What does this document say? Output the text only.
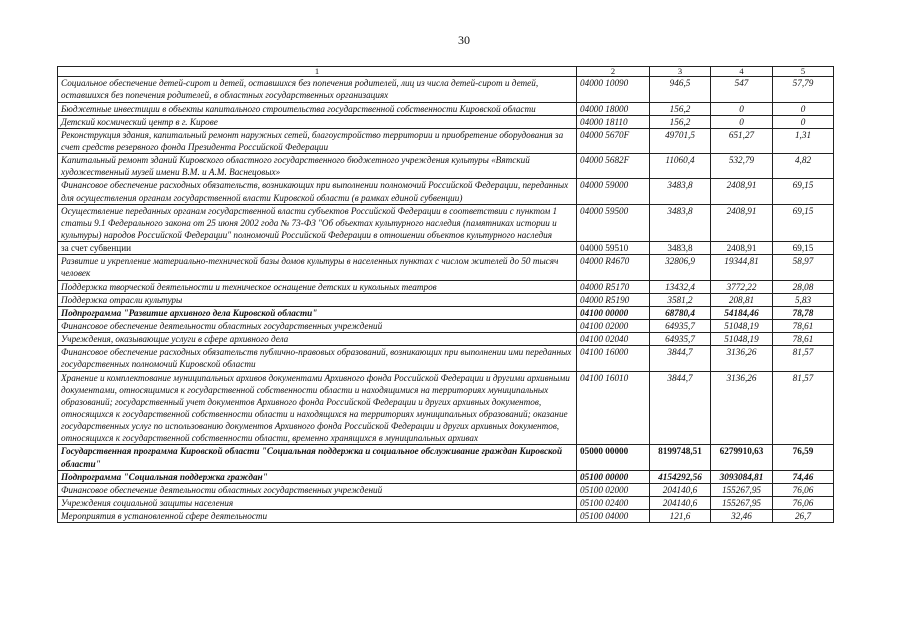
30
1	2	3	4	5
Социальное обеспечение детей-сирот и детей, оставшихся без попечения родителей, лиц из числа детей-сирот и детей, оставшихся без попечения родителей, в областных государственных организациях	04000 10090	946,5	547	57,79
Бюджетные инвестиции в объекты капитального строительства государственной собственности Кировской области	04000 18000	156,2	0	0
Детский космический центр в г. Кирове	04000 18110	156,2	0	0
Реконструкция здания, капитальный ремонт наружных сетей, благоустройство территории и приобретение оборудования за счет средств резервного фонда Президента Российской Федерации	04000 5670F	49701,5	651,27	1,31
Капитальный ремонт зданий Кировского областного государственного бюджетного учреждения культуры «Вятский художественный музей имени В.М. и А.М. Васнецовых»	04000 5682F	11060,4	532,79	4,82
Финансовое обеспечение расходных обязательств, возникающих при выполнении полномочий Российской Федерации, переданных для осуществления органам государственной власти Кировской области (в рамках единой субвенции)	04000 59000	3483,8	2408,91	69,15
Осуществление переданных органам государственной власти субъектов Российской Федерации в соответствии с пунктом 1 статьи 9.1 Федерального закона от 25 июня 2002 года № 73-ФЗ "Об объектах культурного наследия (памятниках истории и культуры) народов Российской Федерации" полномочий Российской Федерации в отношении объектов культурного наследия	04000 59500	3483,8	2408,91	69,15
за счет субвенции	04000 59510	3483,8	2408,91	69,15
Развитие и укрепление материально-технической базы домов культуры в населенных пунктах с числом жителей до 50 тысяч человек	04000 R4670	32806,9	19344,81	58,97
Поддержка творческой деятельности и техническое оснащение детских и кукольных театров	04000 R5170	13432,4	3772,22	28,08
Поддержка отрасли культуры	04000 R5190	3581,2	208,81	5,83
Подпрограмма "Развитие архивного дела Кировской области"	04100 00000	68780,4	54184,46	78,78
Финансовое обеспечение деятельности областных государственных учреждений	04100 02000	64935,7	51048,19	78,61
Учреждения, оказывающие услуги в сфере архивного дела	04100 02040	64935,7	51048,19	78,61
Финансовое обеспечение расходных обязательств публично-правовых образований, возникающих при выполнении ими переданных государственных полномочий Кировской области	04100 16000	3844,7	3136,26	81,57
Хранение и комплектование муниципальных архивов документами Архивного фонда Российской Федерации и другими архивными документами, относящимися к государственной собственности области и находящимися на территориях муниципальных образований; государственный учет документов Архивного фонда Российской Федерации и других архивных документов, относящихся к государственной собственности области и находящихся на территориях муниципальных образований; оказание государственных услуг по использованию документов Архивного фонда Российской Федерации и других архивных документов, относящихся к государственной собственности области, временно хранящихся в муниципальных архивах	04100 16010	3844,7	3136,26	81,57
Государственная программа Кировской области "Социальная поддержка и социальное обслуживание граждан Кировской области"	05000 00000	8199748,51	6279910,63	76,59
Подпрограмма "Социальная поддержка граждан"	05100 00000	4154292,56	3093084,81	74,46
Финансовое обеспечение деятельности областных государственных учреждений	05100 02000	204140,6	155267,95	76,06
Учреждения социальной защиты населения	05100 02400	204140,6	155267,95	76,06
Мероприятия в установленной сфере деятельности	05100 04000	121,6	32,46	26,7
